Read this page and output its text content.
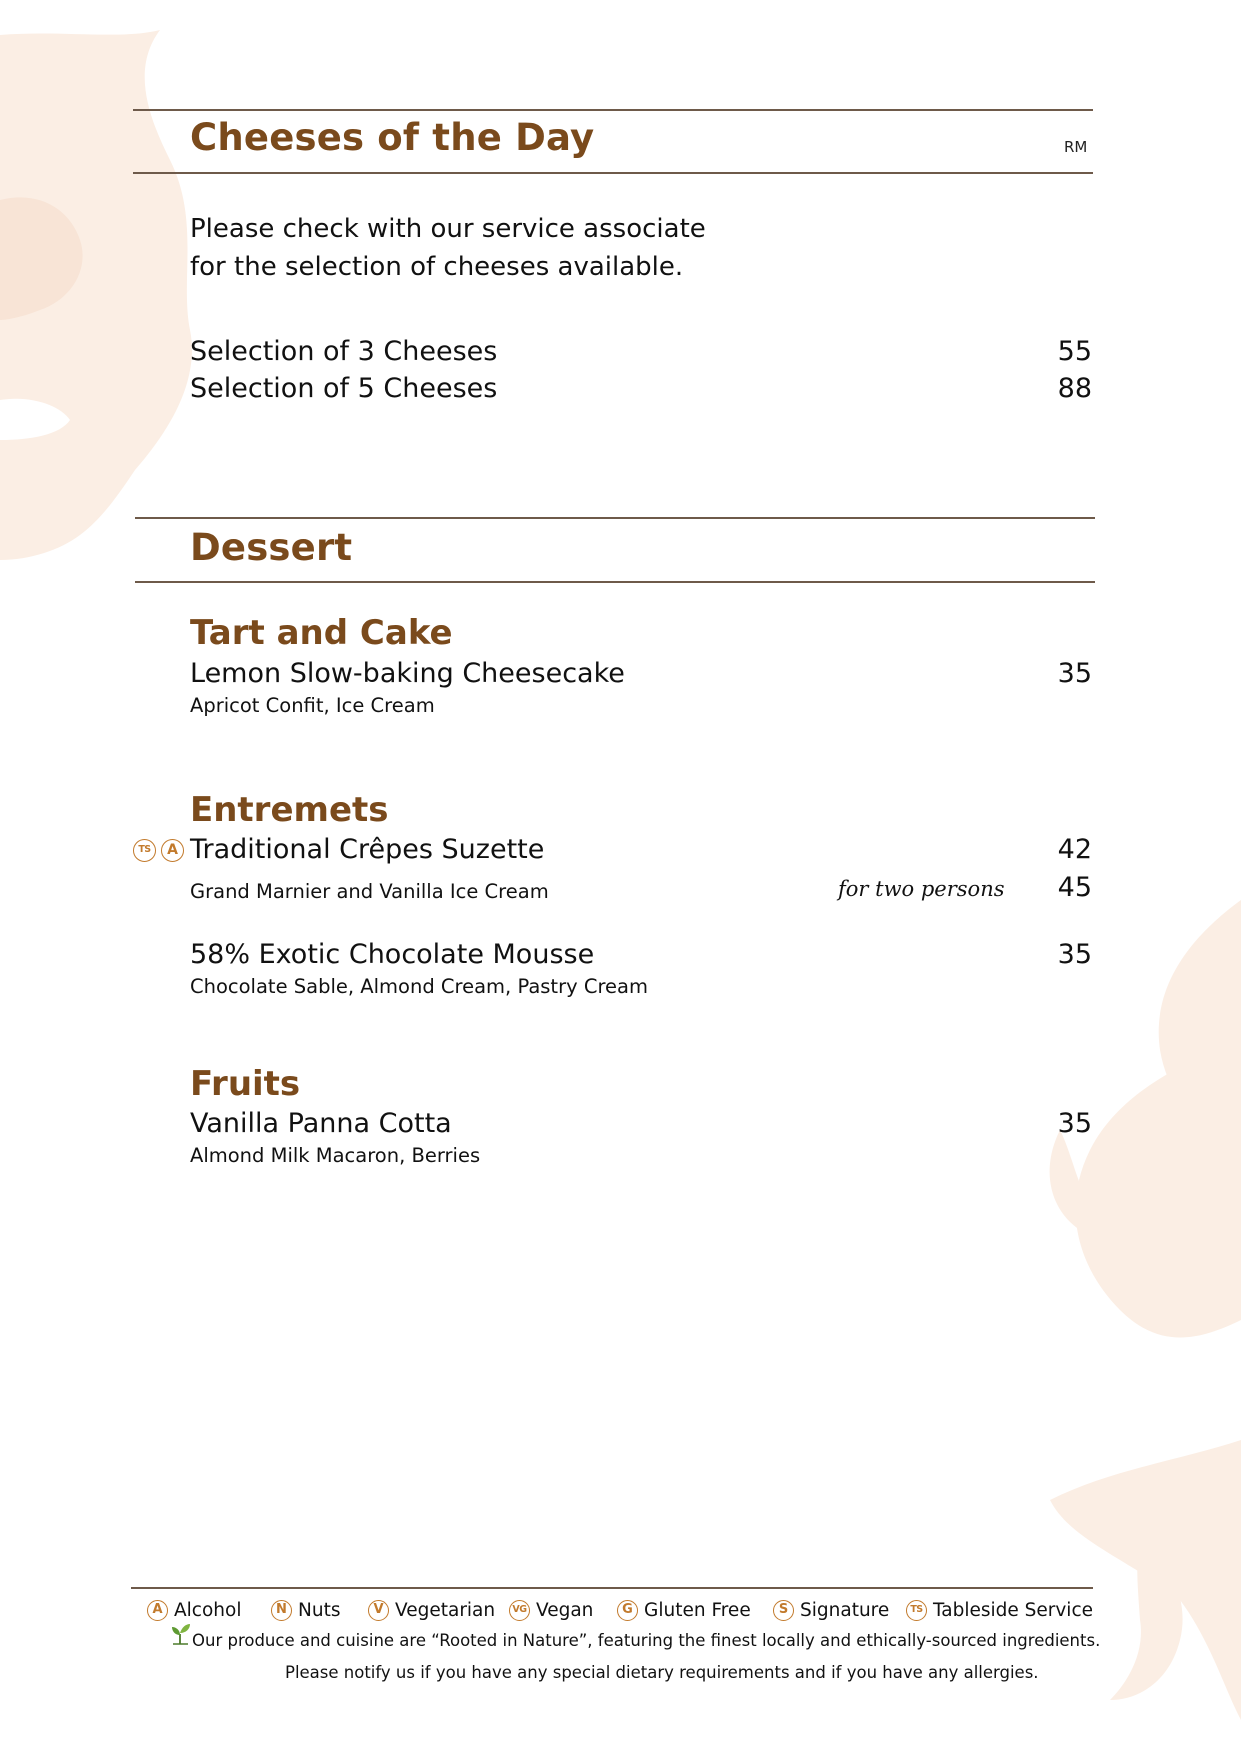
Cheeses of the Day	RM
Please check with our service associate
for the selection of cheeses available.
Selection of 3 Cheeses	55
Selection of 5 Cheeses	88
Dessert
Tart and Cake
Lemon Slow-baking Cheesecake	35
Apricot Confit, Ice Cream
Entremets
TS	A Traditional Crêpes Suzette	42
Grand Marnier and Vanilla Ice Cream	for two persons	45
58% Exotic Chocolate Mousse	35
Chocolate Sable, Almond Cream, Pastry Cream
Fruits
Vanilla Panna Cotta	35
Almond Milk Macaron, Berries
A Alcohol	N Nuts	V Vegetarian	VG Vegan	G Gluten Free	S Signature	TS Tableside Service
Our produce and cuisine are “Rooted in Nature”, featuring the finest locally and ethically-sourced ingredients.
Please notify us if you have any special dietary requirements and if you have any allergies.
